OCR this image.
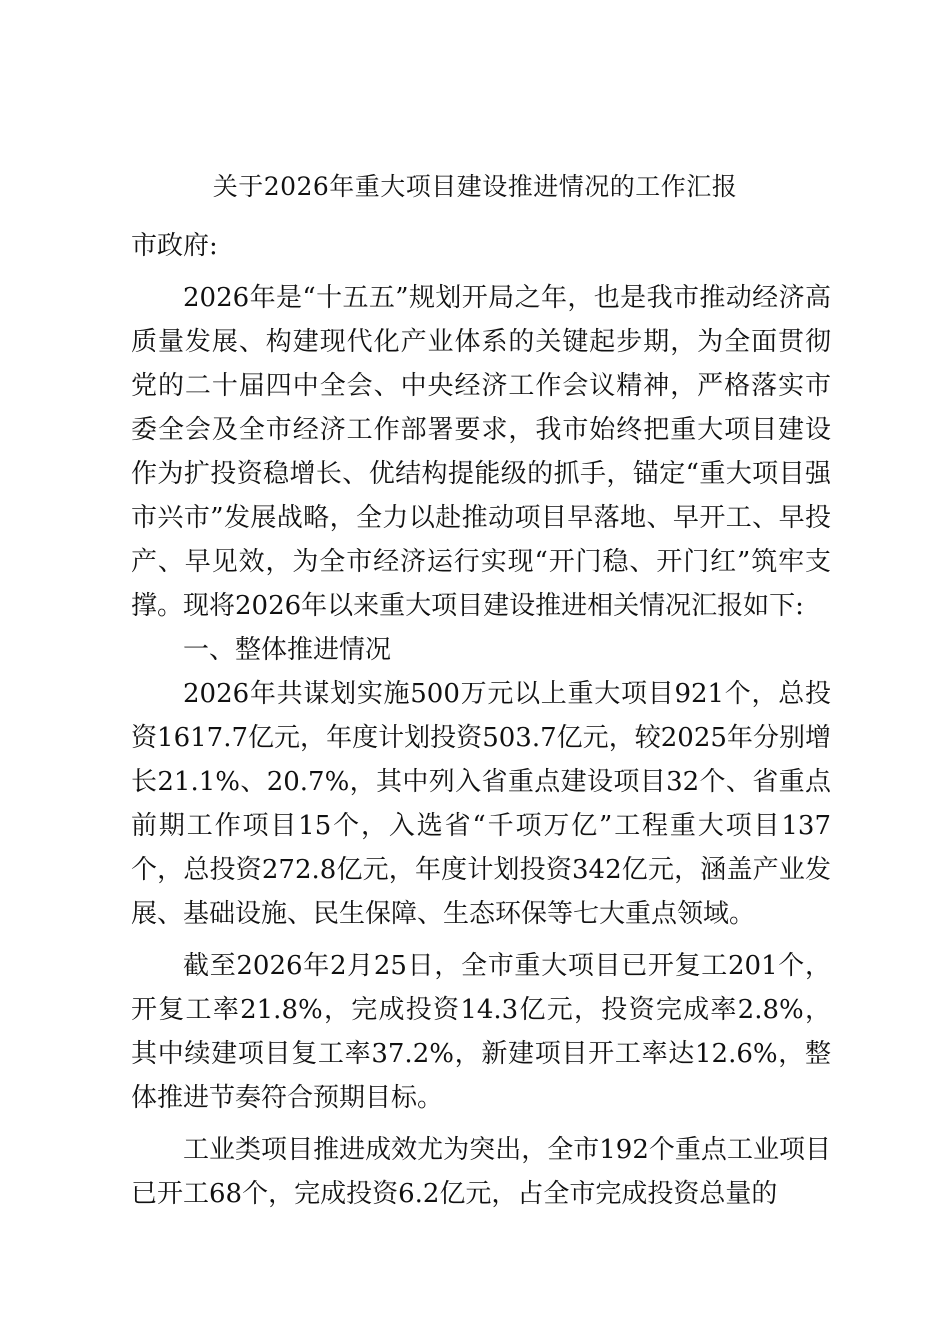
关于2026年重大项目建设推进情况的工作汇报
市政府:

2026年是“十五五”规划开局之年，也是我市推动经济高质量发展、构建现代化产业体系的关键起步期，为全面贯彻党的二十届四中全会、中央经济工作会议精神，严格落实市委全会及全市经济工作部署要求，我市始终把重大项目建设作为扩投资稳增长、优结构提能级的抓手，锚定“重大项目强市兴市”发展战略，全力以赴推动项目早落地、早开工、早投产、早见效，为全市经济运行实现“开门稳、开门红”筑牢支撑。现将2026年以来重大项目建设推进相关情况汇报如下:

一、整体推进情况

2026年共谋划实施500万元以上重大项目921个，总投资1617.7亿元，年度计划投资503.7亿元，较2025年分别增长21.1%、20.7%，其中列入省重点建设项目32个、省重点前期工作项目15个，入选省“千项万亿”工程重大项目137个，总投资272.8亿元，年度计划投资342亿元，涵盖产业发展、基础设施、民生保障、生态环保等七大重点领域。

截至2026年2月25日，全市重大项目已开复工201个，开复工率21.8%，完成投资14.3亿元，投资完成率2.8%，其中续建项目复工率37.2%，新建项目开工率达12.6%，整体推进节奏符合预期目标。

工业类项目推进成效尤为突出，全市192个重点工业项目已开工68个，完成投资6.2亿元，占全市完成投资总量的
